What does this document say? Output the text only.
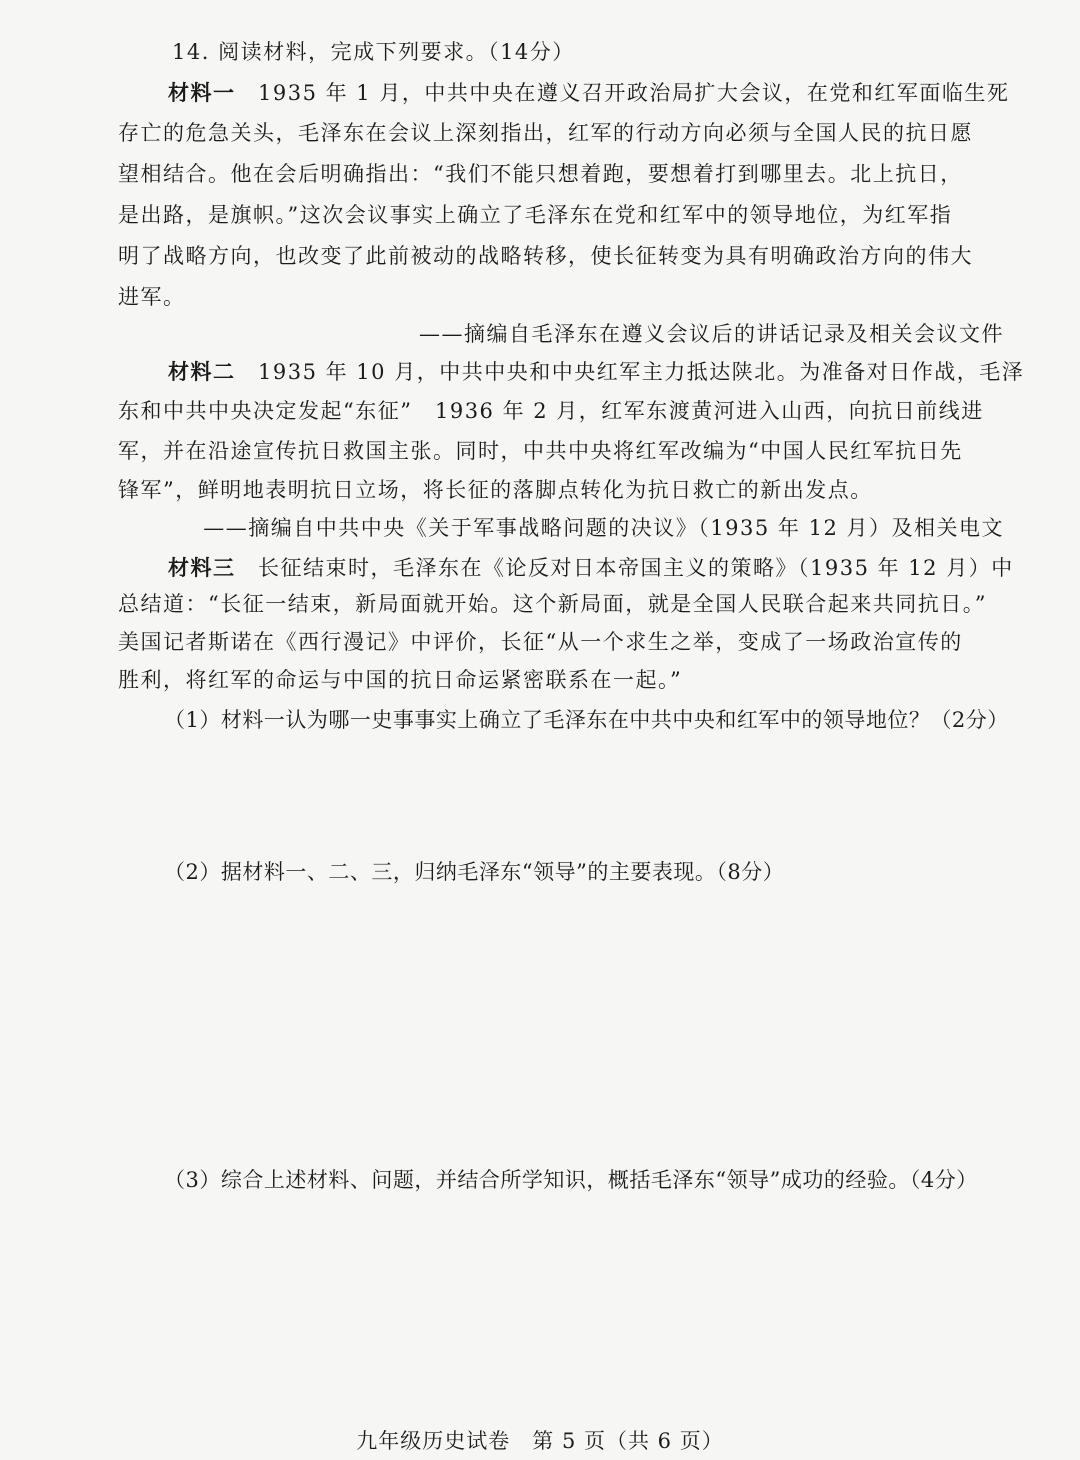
14. 阅读材料，完成下列要求。（14分）
材料一　 1935 年 1 月，中共中央在遵义召开政治局扩大会议，在党和红军面临生死
存亡的危急关头，毛泽东在会议上深刻指出，红军的行动方向必须与全国人民的抗日愿
望相结合。他在会后明确指出：“我们不能只想着跑，要想着打到哪里去。北上抗日，
是出路，是旗帜。”这次会议事实上确立了毛泽东在党和红军中的领导地位，为红军指
明了战略方向，也改变了此前被动的战略转移，使长征转变为具有明确政治方向的伟大
进军。
——摘编自毛泽东在遵义会议后的讲话记录及相关会议文件
材料二　 1935 年 10 月，中共中央和中央红军主力抵达陕北。为准备对日作战，毛泽
东和中共中央决定发起“东征”　1936 年 2 月，红军东渡黄河进入山西，向抗日前线进
军，并在沿途宣传抗日救国主张。同时，中共中央将红军改编为“中国人民红军抗日先
锋军”，鲜明地表明抗日立场，将长征的落脚点转化为抗日救亡的新出发点。
——摘编自中共中央《关于军事战略问题的决议》（1935 年 12 月）及相关电文
材料三　 长征结束时，毛泽东在《论反对日本帝国主义的策略》（1935 年 12 月）中
总结道：“长征一结束，新局面就开始。这个新局面，就是全国人民联合起来共同抗日。”
美国记者斯诺在《西行漫记》中评价，长征“从一个求生之举，变成了一场政治宣传的
胜利，将红军的命运与中国的抗日命运紧密联系在一起。”
（1）材料一认为哪一史事事实上确立了毛泽东在中共中央和红军中的领导地位？（2分）
（2）据材料一、二、三，归纳毛泽东“领导”的主要表现。（8分）
（3）综合上述材料、问题，并结合所学知识，概括毛泽东“领导”成功的经验。（4分）
九年级历史试卷　第 5 页（共 6 页）
